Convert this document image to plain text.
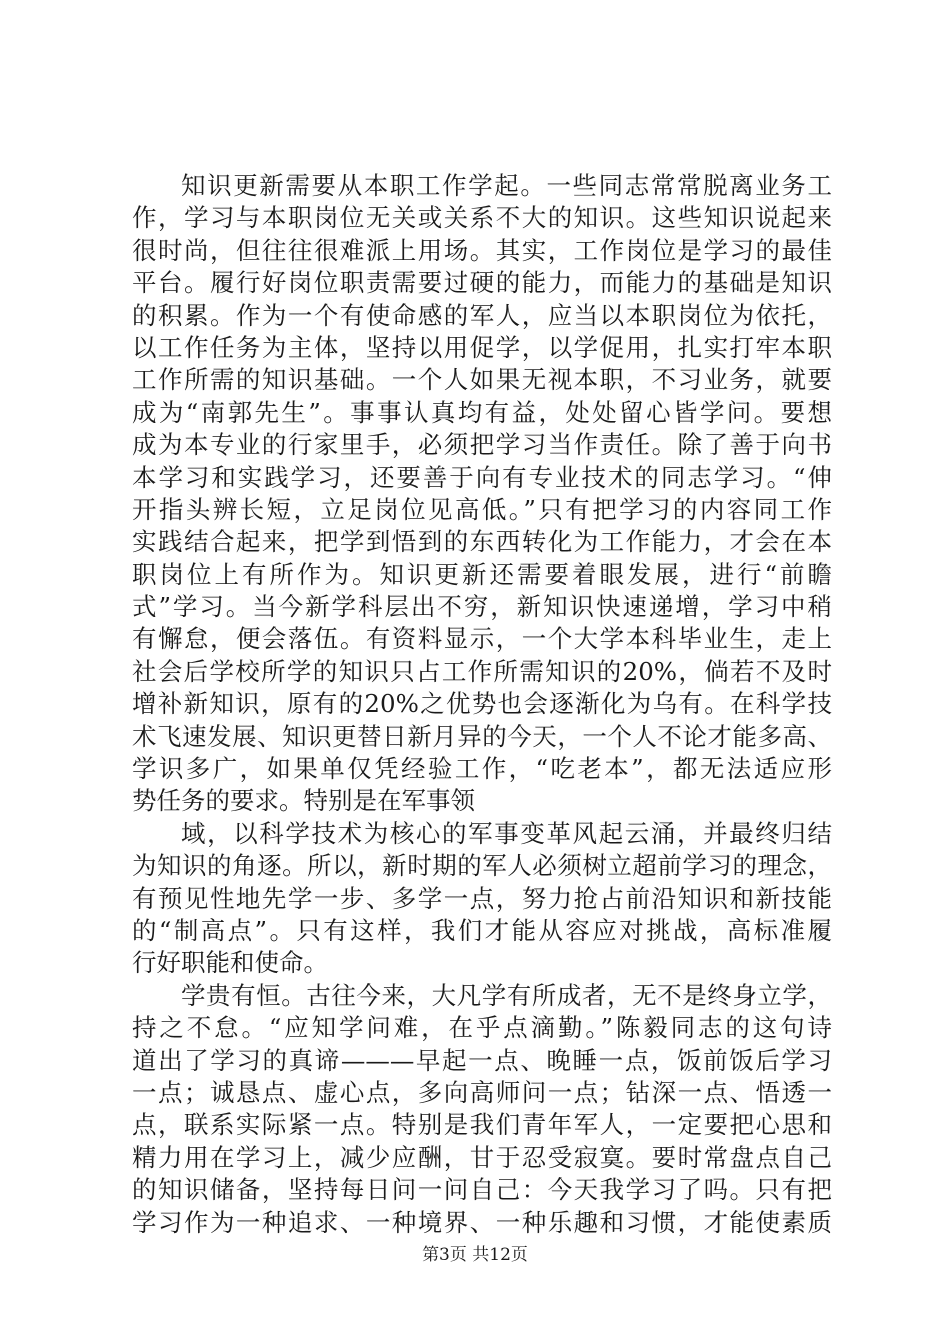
知识更新需要从本职工作学起。一些同志常常脱离业务工
作，学习与本职岗位无关或关系不大的知识。这些知识说起来
很时尚，但往往很难派上用场。其实，工作岗位是学习的最佳
平台。履行好岗位职责需要过硬的能力，而能力的基础是知识
的积累。作为一个有使命感的军人，应当以本职岗位为依托，
以工作任务为主体，坚持以用促学，以学促用，扎实打牢本职
工作所需的知识基础。一个人如果无视本职，不习业务，就要
成为“南郭先生”。事事认真均有益，处处留心皆学问。要想
成为本专业的行家里手，必须把学习当作责任。除了善于向书
本学习和实践学习，还要善于向有专业技术的同志学习。“伸
开指头辨长短，立足岗位见高低。”只有把学习的内容同工作
实践结合起来，把学到悟到的东西转化为工作能力，才会在本
职岗位上有所作为。知识更新还需要着眼发展，进行“前瞻
式”学习。当今新学科层出不穷，新知识快速递增，学习中稍
有懈怠，便会落伍。有资料显示，一个大学本科毕业生，走上
社会后学校所学的知识只占工作所需知识的20%，倘若不及时
增补新知识，原有的20%之优势也会逐渐化为乌有。在科学技
术飞速发展、知识更替日新月异的今天，一个人不论才能多高、
学识多广，如果单仅凭经验工作，“吃老本”，都无法适应形
势任务的要求。特别是在军事领
域，以科学技术为核心的军事变革风起云涌，并最终归结
为知识的角逐。所以，新时期的军人必须树立超前学习的理念，
有预见性地先学一步、多学一点，努力抢占前沿知识和新技能
的“制高点”。只有这样，我们才能从容应对挑战，高标准履
行好职能和使命。
学贵有恒。古往今来，大凡学有所成者，无不是终身立学，
持之不怠。“应知学问难，在乎点滴勤。”陈毅同志的这句诗
道出了学习的真谛———早起一点、晚睡一点，饭前饭后学习
一点；诚恳点、虚心点，多向高师问一点；钻深一点、悟透一
点，联系实际紧一点。特别是我们青年军人，一定要把心思和
精力用在学习上，减少应酬，甘于忍受寂寞。要时常盘点自己
的知识储备，坚持每日问一问自己：今天我学习了吗。只有把
学习作为一种追求、一种境界、一种乐趣和习惯，才能使素质
第3页 共12页
